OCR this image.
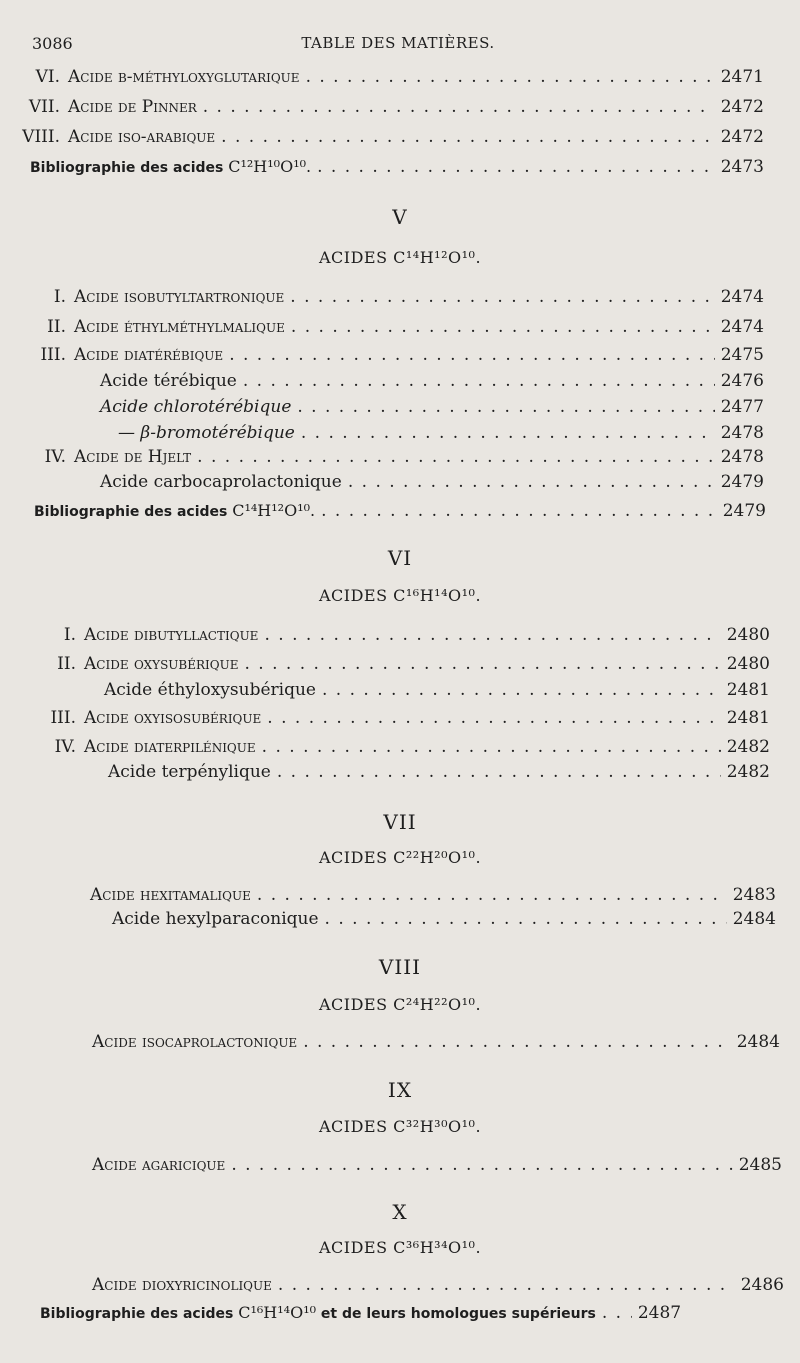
3086	TABLE DES MATIÈRES.
VI. Acide β-méthyloxyglutarique . . .	2471
VII. Acide de Pinner . . .	2472
VIII. Acide iso-arabique . . .	2472
Bibliographie des acides C¹²H¹⁰O¹⁰. . . .	2473
V
ACIDES C¹⁴H¹²O¹⁰.
I. Acide isobutyltartronique . . .	2474
II. Acide éthylméthylmalique . . .	2474
III. Acide diatérébique . . .	2475
Acide térébique . . .	2476
Acide chlorotérébique . . .	2477
— β-bromotérébique . . .	2478
IV. Acide de Hjelt . . .	2478
Acide carbocaprolactonique . . .	2479
Bibliographie des acides C¹⁴H¹²O¹⁰. . . .	2479
VI
ACIDES C¹⁶H¹⁴O¹⁰.
I. Acide dibutyllactique . . .	2480
II. Acide oxysubérique . . .	2480
Acide éthyloxysubérique . . .	2481
III. Acide oxyisosubérique . . .	2481
IV. Acide diaterpilénique . . .	2482
Acide terpénylique . . .	2482
VII
ACIDES C²²H²⁰O¹⁰.
Acide hexitamalique . . .	2483
Acide hexylparaconique . . .	2484
VIII
ACIDES C²⁴H²²O¹⁰.
Acide isocaprolactonique . . .	2484
IX
ACIDES C³²H³⁰O¹⁰.
Acide agaricique . . .	2485
X
ACIDES C³⁶H³⁴O¹⁰.
Acide dioxyricinolique . . .	2486
Bibliographie des acides C¹⁶H¹⁴O¹⁰ et de leurs homologues supérieurs . . . 2487
